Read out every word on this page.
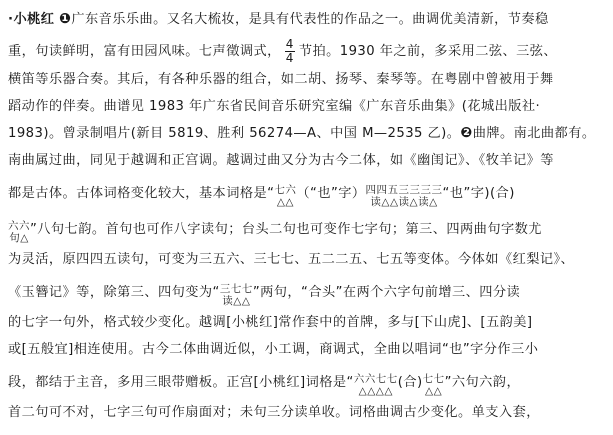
·小桃红 ❶广东音乐乐曲。又名大梳妆，是具有代表性的作品之一。曲调优美清新，节奏稳
重，句读鲜明，富有田园风味。七声徵调式， $\frac{4}{4}$ 节拍。1930 年之前，多采用二弦、三弦、
横笛等乐器合奏。其后，有各种乐器的组合，如二胡、扬琴、秦琴等。在粤剧中曾被用于舞
蹈动作的伴奏。曲谱见 1983 年广东省民间音乐研究室编《广东音乐曲集》(花城出版社·
1983)。曾录制唱片(新目 5819、胜利 56274—A、中国 M—2535 乙)。❷曲牌。南北曲都有。
南曲属过曲，同见于越调和正宫调。越调过曲又分为古今二体，如《幽闺记》、《牧羊记》等
都是古体。古体词格变化较大，基本词格是“ 七六
△△
（“也”字） 四四五三三三三
读△△读△读△
“也”字)(合)
六六
句△
”八句七韵。首句也可作八字读句；台头二句也可变作七字句；第三、四两曲句字数尤
为灵活，原四四五读句，可变为三五六、三七七、五二二五、七五等变体。今体如《红梨记》、
《玉簪记》等，除第三、四句变为“ 三七七
读△△
”两句，“合头”在两个六字句前增三、四分读
的七字一句外，格式较少变化。越调[小桃红]常作套中的首牌，多与[下山虎]、[五韵美]
或[五般宜]相连使用。古今二体曲调近似，小工调，商调式，全曲以唱词“也”字分作三小
段，都结于主音，多用三眼带赠板。正宫[小桃红]词格是“ 六六七七
△△△△
(合) 七七
△△
”六句六韵，
首二句可不对，七字三句可作扇面对；未句三分读单收。词格曲调古少变化。单支入套，
